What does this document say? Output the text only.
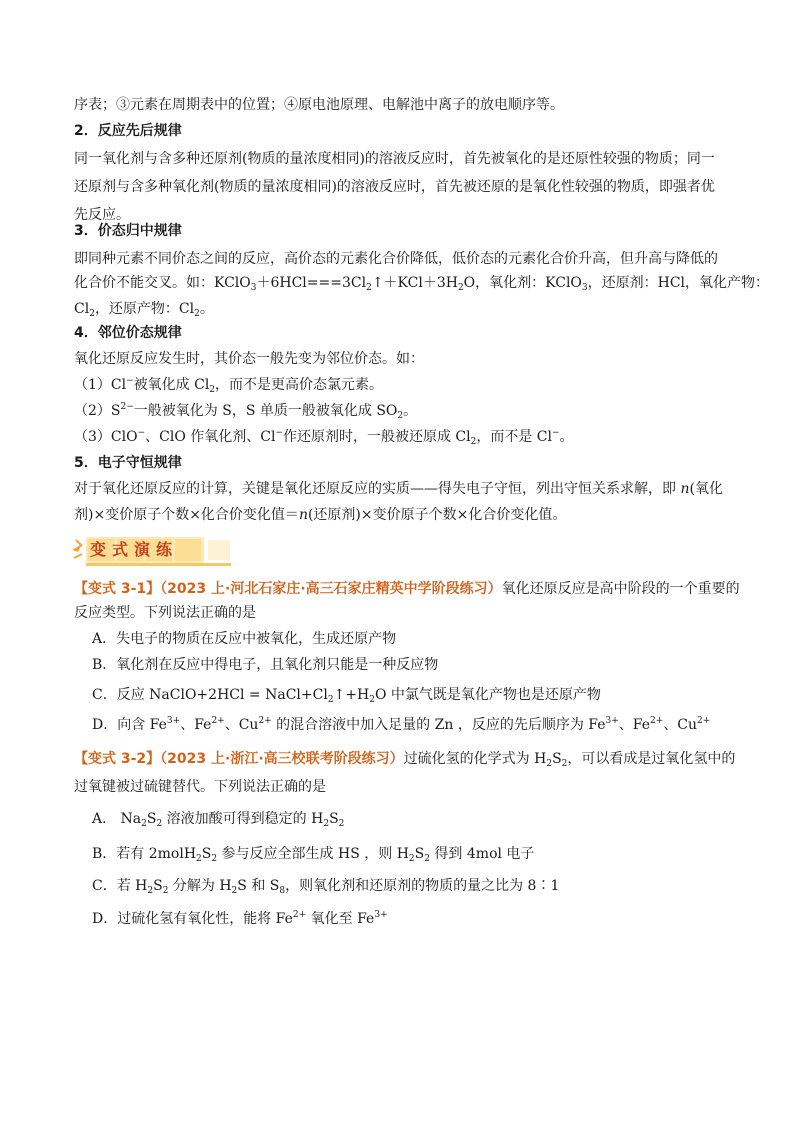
序表；③元素在周期表中的位置；④原电池原理、电解池中离子的放电顺序等。
2．反应先后规律
同一氧化剂与含多种还原剂(物质的量浓度相同)的溶液反应时，首先被氧化的是还原性较强的物质；同一
还原剂与含多种氧化剂(物质的量浓度相同)的溶液反应时，首先被还原的是氧化性较强的物质，即强者优
先反应。
3．价态归中规律
即同种元素不同价态之间的反应，高价态的元素化合价降低，低价态的元素化合价升高，但升高与降低的
化合价不能交叉。如：$KClO_3+6HCl===3Cl_2↑+KCl+3H_2O$，氧化剂：KClO$_3$，还原剂：HCl，氧化产物：
$Cl_2$，还原产物：$Cl_2$。
4．邻位价态规律
氧化还原反应发生时，其价态一般先变为邻位价态。如：
（1）Cl−被氧化成 $Cl_2$，而不是更高价态氯元素。
$(2)S^{2-}$一般被氧化为 S，S 单质一般被氧化成 $SO_2$。
（3）ClO−、ClO 作氧化剂、Cl−作还原剂时，一般被还原成 $Cl_2$，而不是 Cl−。
5．电子守恒规律
对于氧化还原反应的计算，关键是氧化还原反应的实质——得失电子守恒，列出守恒关系求解，即 n(氧化
剂)×变价原子个数×化合价变化值＝n(还原剂)×变价原子个数×化合价变化值。
变式演练
【变式 3-1】（2023 上·河北石家庄·高三石家庄精英中学阶段练习）氧化还原反应是高中阶段的一个重要的
反应类型。下列说法正确的是
A．失电子的物质在反应中被氧化，生成还原产物
B．氧化剂在反应中得电子，且氧化剂只能是一种反应物
C．反应 NaClO+2HCl = $NaCl+Cl_2↑+H_2O$ 中氯气既是氧化产物也是还原产物
D．向含 $Fe^{3+}$、$Fe^{2+}$、$Cu^{2+}$ 的混合溶液中加入足量的 Zn ，反应的先后顺序为 $Fe^{3+}$、$Fe^{2+}$、$Cu^{2+}$
【变式 3-2】（2023 上·浙江·高三校联考阶段练习）过硫化氢的化学式为 $H_2S_2$，可以看成是过氧化氢中的
过氧键被过硫键替代。下列说法正确的是
A． $Na_2S_2$ 溶液加酸可得到稳定的 $H_2S_2$
B．若有 $2molH_2S_2$ 参与反应全部生成 HS ，则 $H_2S_2$ 得到 4mol 电子
C．若 $H_2S_2$ 分解为 $H_2S$ 和 $S_8$，则氧化剂和还原剂的物质的量之比为 8∶1
D．过硫化氢有氧化性，能将 $Fe^{2+}$ 氧化至 $Fe^{3+}$
